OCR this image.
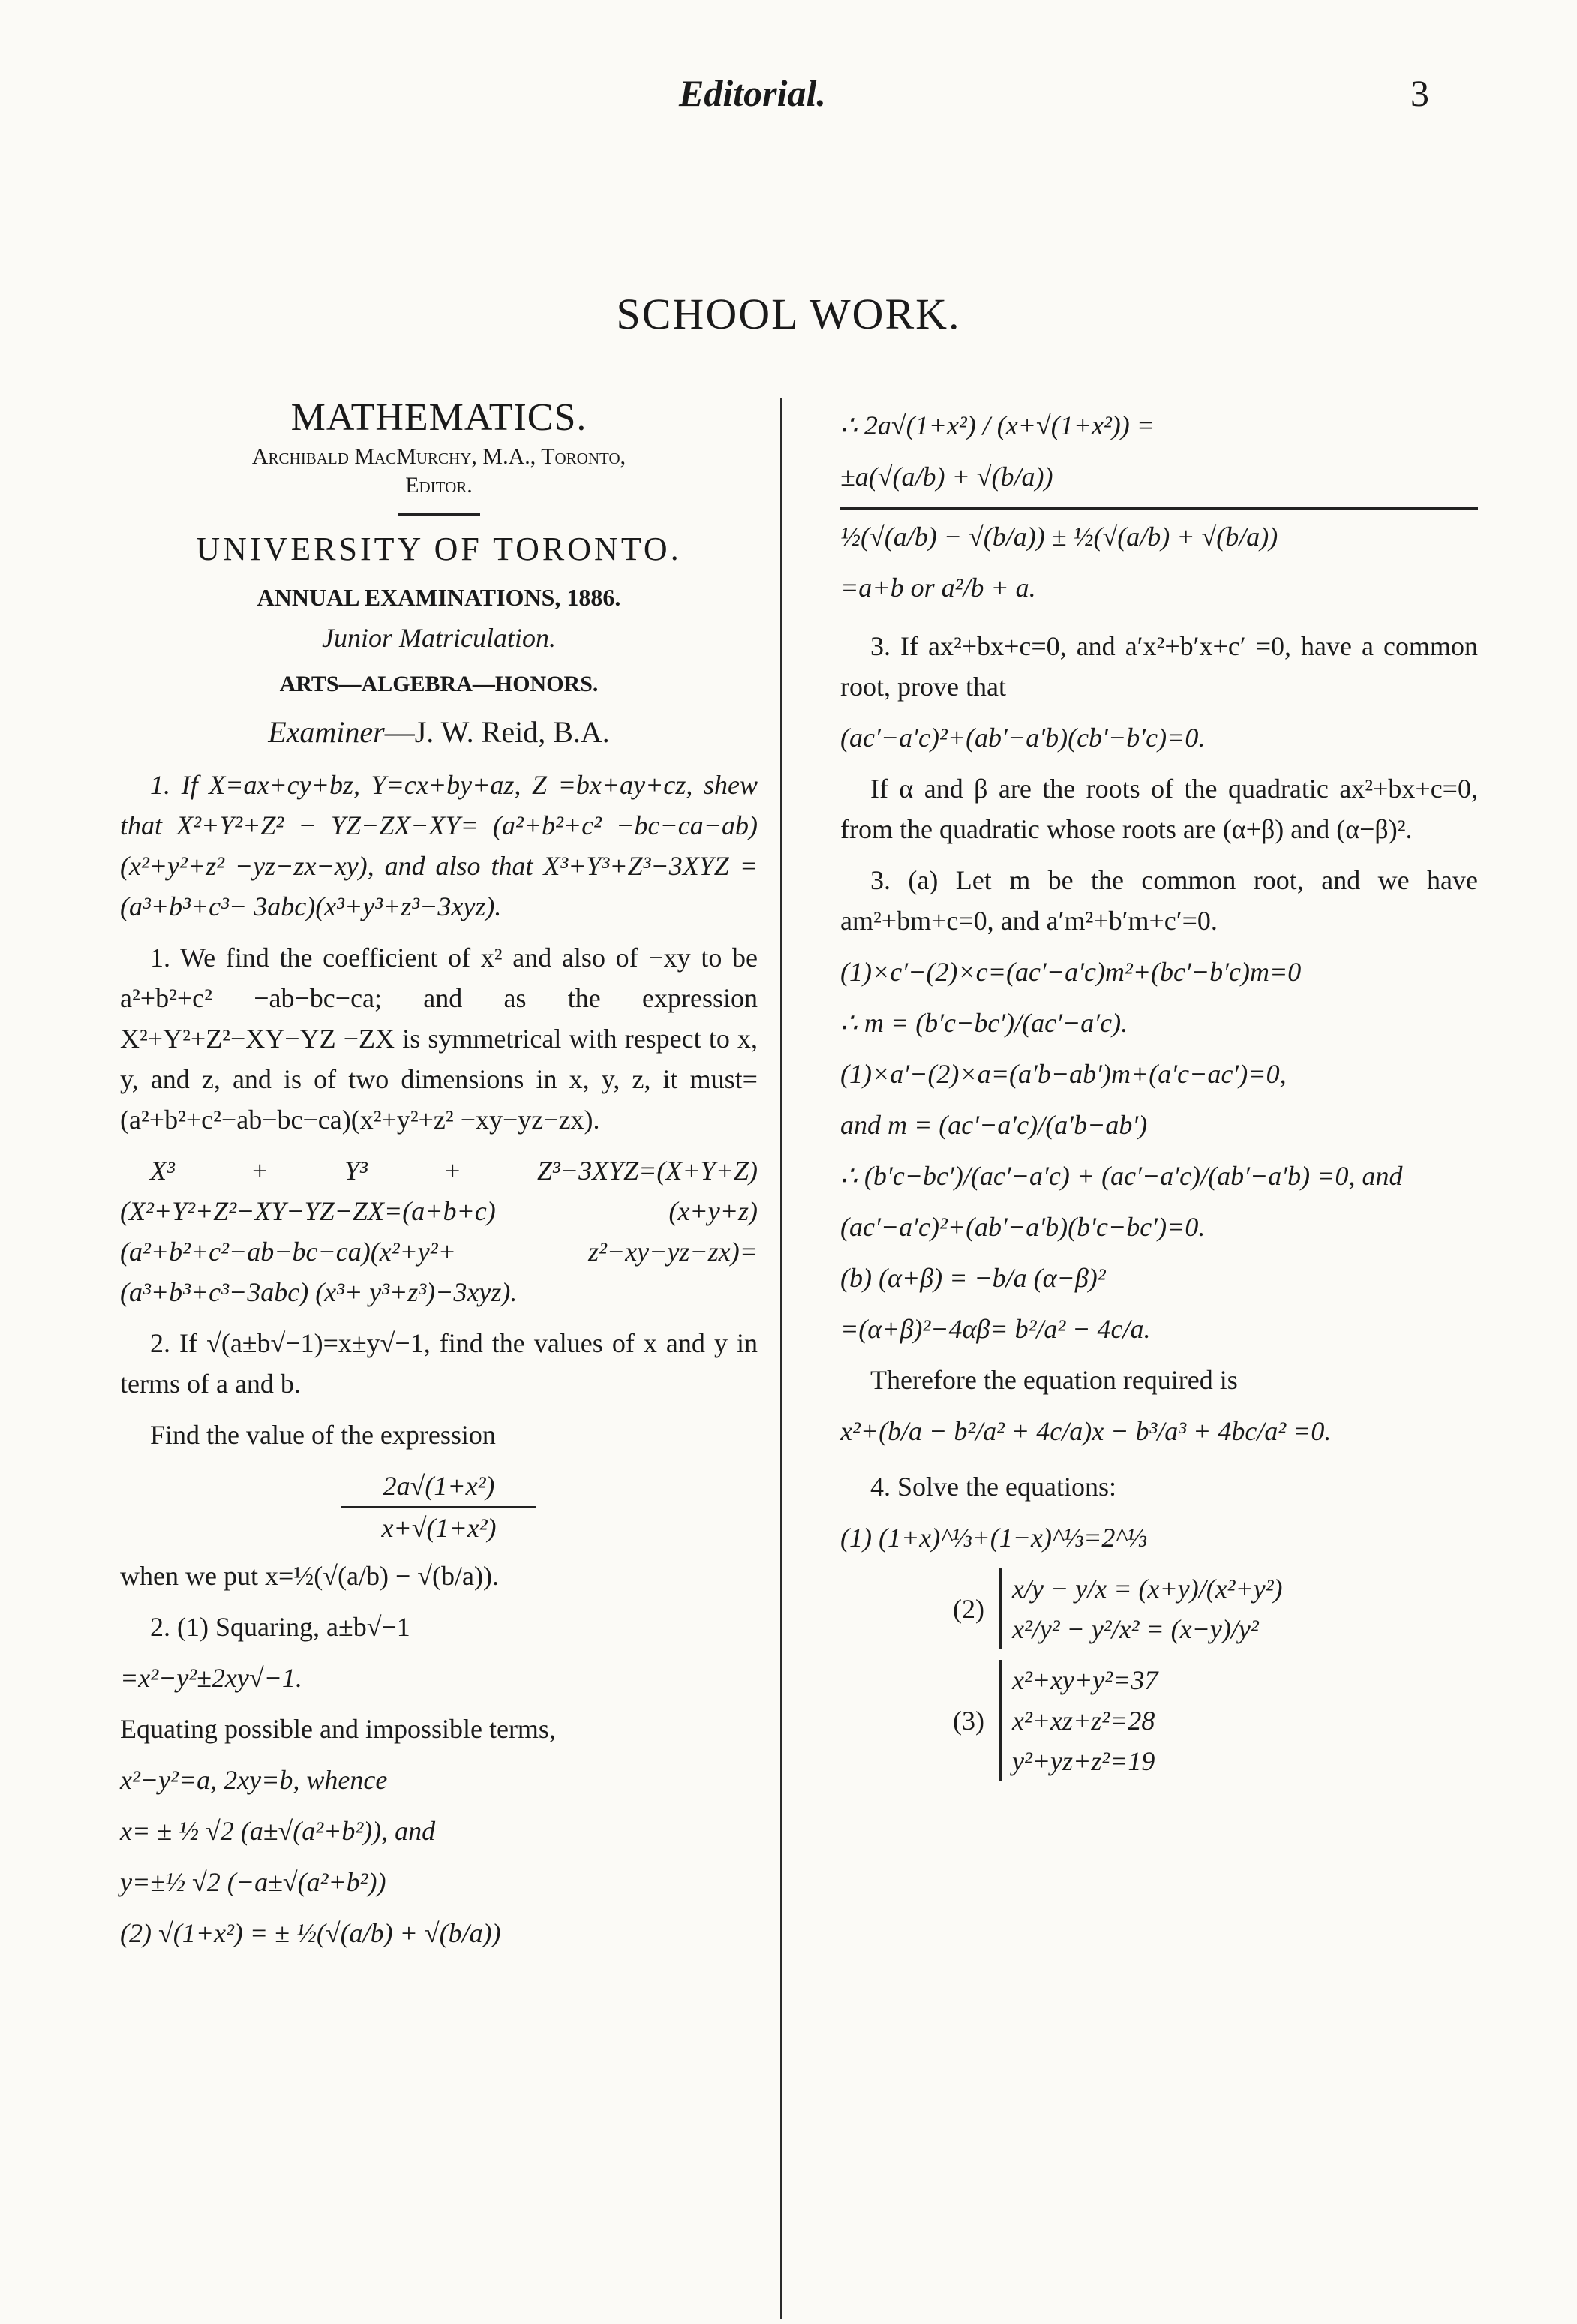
Editorial.	3
SCHOOL WORK.
MATHEMATICS.
Archibald MacMurchy, M.A., Toronto,
Editor.
UNIVERSITY OF TORONTO.
ANNUAL EXAMINATIONS, 1886.
Junior Matriculation.
ARTS—ALGEBRA—HONORS.
Examiner—J. W. Reid, B.A.

1. If X=ax+cy+bz, Y=cx+by+az, Z =bx+ay+cz, shew that X²+Y²+Z² − YZ−ZX−XY= (a²+b²+c² −bc−ca−ab) (x²+y²+z² −yz−zx−xy), and also that X³+Y³+Z³−3XYZ = (a³+b³+c³− 3abc)(x³+y³+z³−3xyz).

1. We find the coefficient of x² and also of −xy to be a²+b²+c² −ab−bc−ca; and as the expression X²+Y²+Z²−XY−YZ −ZX is symmetrical with respect to x, y, and z, and is of two dimensions in x, y, z, it must=(a²+b²+c²−ab−bc−ca)(x²+y²+z² −xy−yz−zx).

X³ + Y³ + Z³−3XYZ=(X+Y+Z) (X²+Y²+Z²−XY−YZ−ZX=(a+b+c) (x+y+z)(a²+b²+c²−ab−bc−ca)(x²+y²+ z²−xy−yz−zx)=(a³+b³+c³−3abc) (x³+ y³+z³)−3xyz).

2. If √(a±b√−1)=x±y√−1, find the values of x and y in terms of a and b.

Find the value of the expression

2a√(1+x²)
x+√(1+x²)

when we put x=½(√(a/b) − √(b/a)).

2. (1) Squaring, a±b√−1

=x²−y²±2xy√−1.

Equating possible and impossible terms,

x²−y²=a, 2xy=b, whence

x= ± ½ √2 (a±√(a²+b²)), and

y=±½ √2 (−a±√(a²+b²))

(2) √(1+x²) = ± ½(√(a/b) + √(b/a))

∴ 2a√(1+x²) / (x+√(1+x²)) =

±a(√(a/b) + √(b/a))

½(√(a/b) − √(b/a)) ± ½(√(a/b) + √(b/a))

=a+b or a²/b + a.

3. If ax²+bx+c=0, and a′x²+b′x+c′ =0, have a common root, prove that

(ac′−a′c)²+(ab′−a′b)(cb′−b′c)=0.

If α and β are the roots of the quadratic ax²+bx+c=0, from the quadratic whose roots are (α+β) and (α−β)².

3. (a) Let m be the common root, and we have am²+bm+c=0, and a′m²+b′m+c′=0.

(1)×c′−(2)×c=(ac′−a′c)m²+(bc′−b′c)m=0

∴ m = (b′c−bc′)/(ac′−a′c).

(1)×a′−(2)×a=(a′b−ab′)m+(a′c−ac′)=0,

and m = (ac′−a′c)/(a′b−ab′)

∴ (b′c−bc′)/(ac′−a′c) + (ac′−a′c)/(ab′−a′b) =0, and

(ac′−a′c)²+(ab′−a′b)(b′c−bc′)=0.

(b) (α+β) = −b/a (α−β)²

=(α+β)²−4αβ= b²/a² − 4c/a.

Therefore the equation required is

x²+(b/a − b²/a² + 4c/a)x − b³/a³ + 4bc/a² =0.

4. Solve the equations:

(1) (1+x)^⅓+(1−x)^⅓=2^⅓

(2)
x/y − y/x = (x+y)/(x²+y²)
x²/y² − y²/x² = (x−y)/y²
(3)
x²+xy+y²=37
x²+xz+z²=28
y²+yz+z²=19
